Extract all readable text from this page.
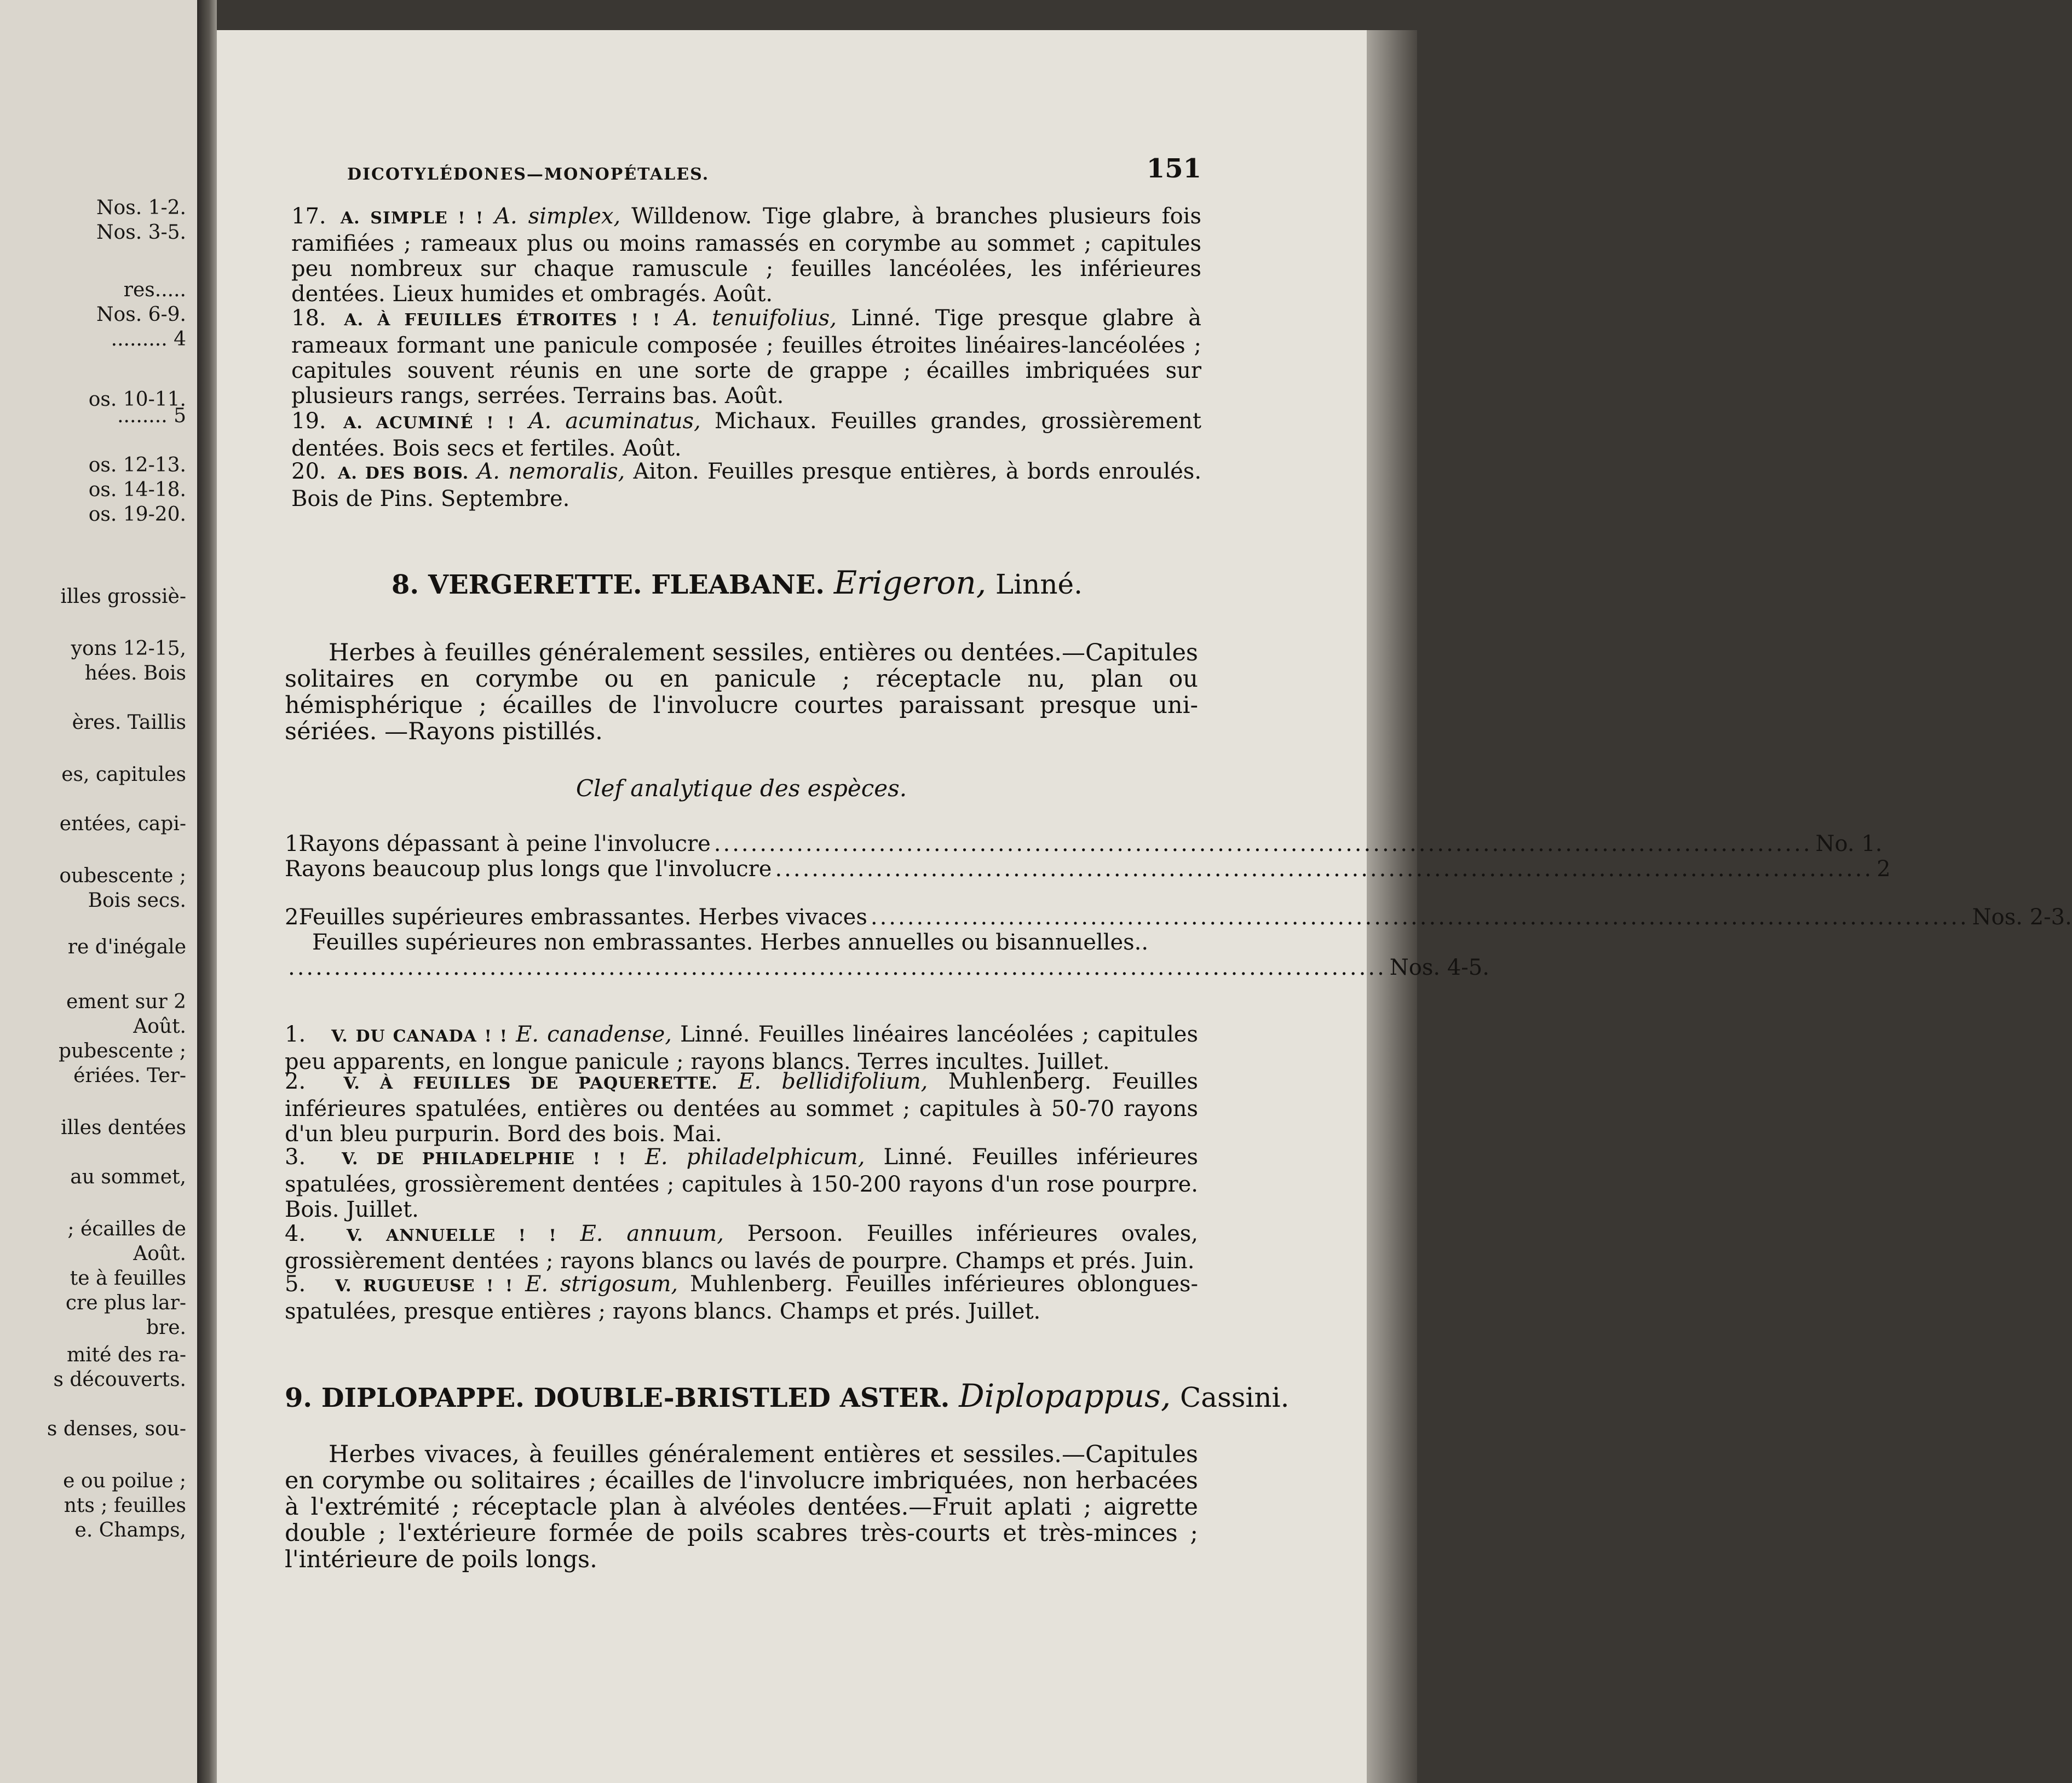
Nos. 1-2.
Nos. 3-5.
res.....
Nos. 6-9.
......... 4
os. 10-11.
........ 5
os. 12-13.
os. 14-18.
os. 19-20.
illes grossiè-
yons 12-15,
hées. Bois
ères. Taillis
es, capitules
entées, capi-
oubescente ;
Bois secs.
re d'inégale
ement sur 2
Août.
pubescente ;
ériées. Ter-
illes dentées
au sommet,
; écailles de
Août.
te à feuilles
cre plus lar-
bre.
mité des ra-
s découverts.
s denses, sou-
e ou poilue ;
nts ; feuilles
e. Champs,
DICOTYLÉDONES—MONOPÉTALES.	151
17. A. SIMPLE ! ! A. simplex, Willdenow. Tige glabre, à branches plusieurs fois ramifiées ; rameaux plus ou moins ramassés en corymbe au sommet ; capitules peu nombreux sur chaque ramuscule ; feuilles lancéolées, les inférieures dentées. Lieux humides et ombragés. Août.
18. A. À FEUILLES ÉTROITES ! ! A. tenuifolius, Linné. Tige presque glabre à rameaux formant une panicule composée ; feuilles étroites linéaires-lancéolées ; capitules souvent réunis en une sorte de grappe ; écailles imbriquées sur plusieurs rangs, serrées. Terrains bas. Août.
19. A. ACUMINÉ ! ! A. acuminatus, Michaux. Feuilles grandes, grossièrement dentées. Bois secs et fertiles. Août.
20. A. DES BOIS. A. nemoralis, Aiton. Feuilles presque entières, à bords enroulés. Bois de Pins. Septembre.
8. VERGERETTE. FLEABANE. Erigeron, Linné.
Herbes à feuilles généralement sessiles, entières ou dentées.—Capitules solitaires en corymbe ou en panicule ; réceptacle nu, plan ou hémisphérique ; écailles de l'involucre courtes paraissant presque uni-sériées. —Rayons pistillés.
Clef analytique des espèces.
1 Rayons dépassant à peine l'involucre ........................................................................................................................ No. 1.
Rayons beaucoup plus longs que l'involucre ........................................................................................................................ 2
2 Feuilles supérieures embrassantes. Herbes vivaces ........................................................................................................................ Nos. 2-3.
Feuilles supérieures non embrassantes. Herbes annuelles ou bisannuelles..
........................................................................................................................ Nos. 4-5.
1. V. DU CANADA ! ! E. canadense, Linné. Feuilles linéaires lancéolées ; capitules peu apparents, en longue panicule ; rayons blancs. Terres incultes. Juillet.
2. V. À FEUILLES DE PAQUERETTE. E. bellidifolium, Muhlenberg. Feuilles inférieures spatulées, entières ou dentées au sommet ; capitules à 50-70 rayons d'un bleu purpurin. Bord des bois. Mai.
3. V. DE PHILADELPHIE ! ! E. philadelphicum, Linné. Feuilles inférieures spatulées, grossièrement dentées ; capitules à 150-200 rayons d'un rose pourpre. Bois. Juillet.
4. V. ANNUELLE ! ! E. annuum, Persoon. Feuilles inférieures ovales, grossièrement dentées ; rayons blancs ou lavés de pourpre. Champs et prés. Juin.
5. V. RUGUEUSE ! ! E. strigosum, Muhlenberg. Feuilles inférieures oblongues-spatulées, presque entières ; rayons blancs. Champs et prés. Juillet.
9. DIPLOPAPPE. DOUBLE-BRISTLED ASTER. Diplopappus, Cassini.
Herbes vivaces, à feuilles généralement entières et sessiles.—Capitules en corymbe ou solitaires ; écailles de l'involucre imbriquées, non herbacées à l'extrémité ; réceptacle plan à alvéoles dentées.—Fruit aplati ; aigrette double ; l'extérieure formée de poils scabres très-courts et très-minces ; l'intérieure de poils longs.
